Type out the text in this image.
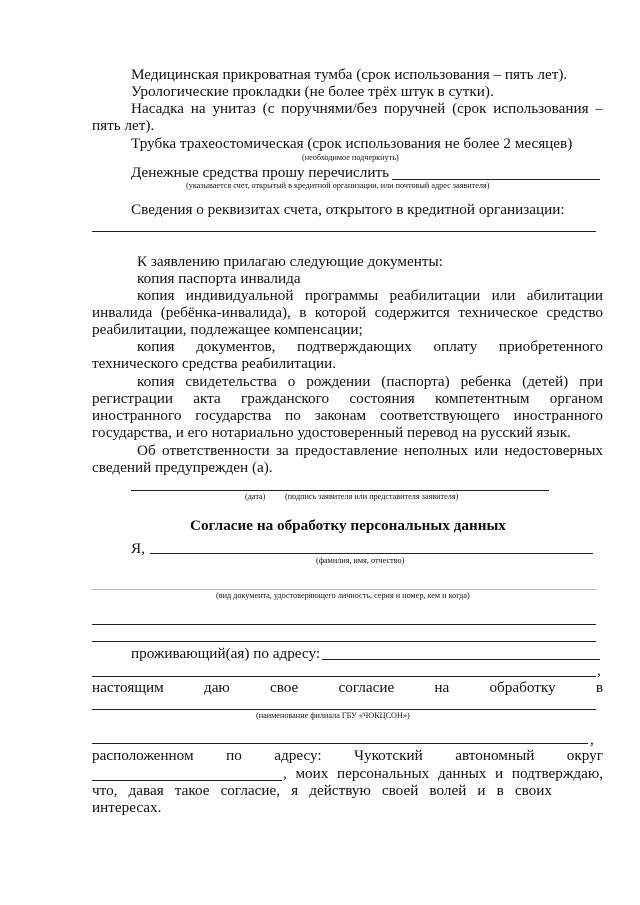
Медицинская прикроватная тумба (срок использования – пять лет).

Урологические прокладки (не более трёх штук в сутки).

Насадка на унитаз (с поручнями/без поручней (срок использования –

пять лет).

Трубка трахеостомическая (срок использования не более 2 месяцев)

(необходимое подчеркнуть)

Денежные средства прошу перечислить

(указывается счет, открытый в кредитной организации, или почтовый адрес заявителя)

Сведения о реквизитах счета, открытого в кредитной организации:

К заявлению прилагаю следующие документы:

копия паспорта инвалида

копия индивидуальной программы реабилитации или абилитации

инвалида (ребёнка-инвалида), в которой содержится техническое средство

реабилитации, подлежащее компенсации;

копия документов, подтверждающих оплату приобретенного

технического средства реабилитации.

копия свидетельства о рождении (паспорта) ребенка (детей) при

регистрации акта гражданского состояния компетентным органом

иностранного государства по законам соответствующего иностранного

государства, и его нотариально удостоверенный перевод на русский язык.

Об ответственности за предоставление неполных или недостоверных

сведений предупрежден (а).

(дата) (подпись заявителя или представителя заявителя)

Согласие на обработку персональных данных

Я,

(фамилия, имя, отчество)

(вид документа, удостоверяющего личность, серия и номер, кем и когда)

проживающий(ая) по адресу:

,

настоящим даю свое согласие на обработку в

(наименование филиала ГБУ «ЧОКЦСОН»)

,

расположенном по адресу: Чукотский автономный округ

, моих персональных данных и подтверждаю,

что, давая такое согласие, я действую своей волей и в своих интересах.
